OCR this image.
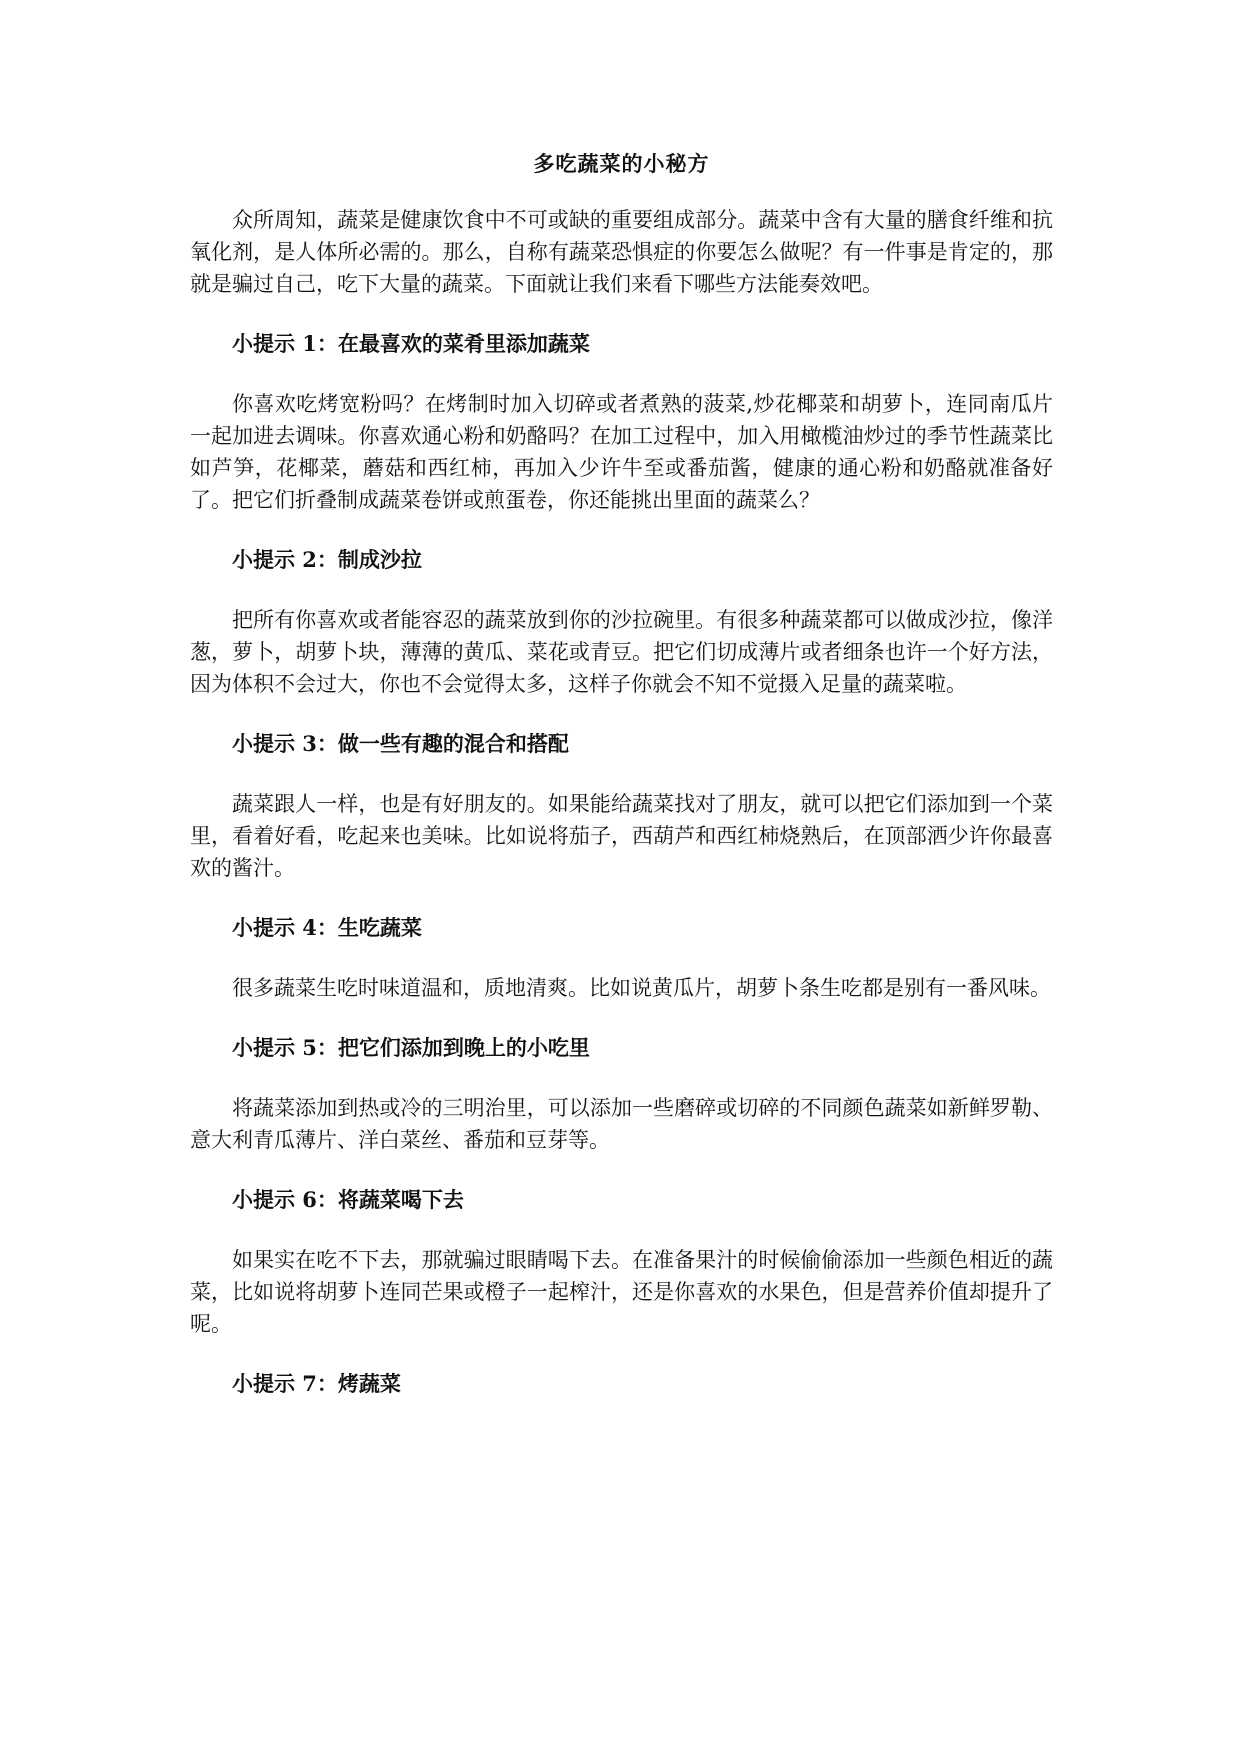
多吃蔬菜的小秘方

众所周知，蔬菜是健康饮食中不可或缺的重要组成部分。蔬菜中含有大量的膳食纤维和抗氧化剂，是人体所必需的。那么，自称有蔬菜恐惧症的你要怎么做呢？有一件事是肯定的，那就是骗过自己，吃下大量的蔬菜。下面就让我们来看下哪些方法能奏效吧。

小提示 1：在最喜欢的菜肴里添加蔬菜

你喜欢吃烤宽粉吗？在烤制时加入切碎或者煮熟的菠菜,炒花椰菜和胡萝卜，连同南瓜片一起加进去调味。你喜欢通心粉和奶酪吗？在加工过程中，加入用橄榄油炒过的季节性蔬菜比如芦笋，花椰菜，蘑菇和西红柿，再加入少许牛至或番茄酱，健康的通心粉和奶酪就准备好了。把它们折叠制成蔬菜卷饼或煎蛋卷，你还能挑出里面的蔬菜么？

小提示 2：制成沙拉

把所有你喜欢或者能容忍的蔬菜放到你的沙拉碗里。有很多种蔬菜都可以做成沙拉，像洋葱，萝卜，胡萝卜块，薄薄的黄瓜、菜花或青豆。把它们切成薄片或者细条也许一个好方法，因为体积不会过大，你也不会觉得太多，这样子你就会不知不觉摄入足量的蔬菜啦。

小提示 3：做一些有趣的混合和搭配

蔬菜跟人一样，也是有好朋友的。如果能给蔬菜找对了朋友，就可以把它们添加到一个菜里，看着好看，吃起来也美味。比如说将茄子，西葫芦和西红柿烧熟后，在顶部洒少许你最喜欢的酱汁。

小提示 4：生吃蔬菜

很多蔬菜生吃时味道温和，质地清爽。比如说黄瓜片，胡萝卜条生吃都是别有一番风味。

小提示 5：把它们添加到晚上的小吃里

将蔬菜添加到热或冷的三明治里，可以添加一些磨碎或切碎的不同颜色蔬菜如新鲜罗勒、意大利青瓜薄片、洋白菜丝、番茄和豆芽等。

小提示 6：将蔬菜喝下去

如果实在吃不下去，那就骗过眼睛喝下去。在准备果汁的时候偷偷添加一些颜色相近的蔬菜，比如说将胡萝卜连同芒果或橙子一起榨汁，还是你喜欢的水果色，但是营养价值却提升了呢。

小提示 7：烤蔬菜
